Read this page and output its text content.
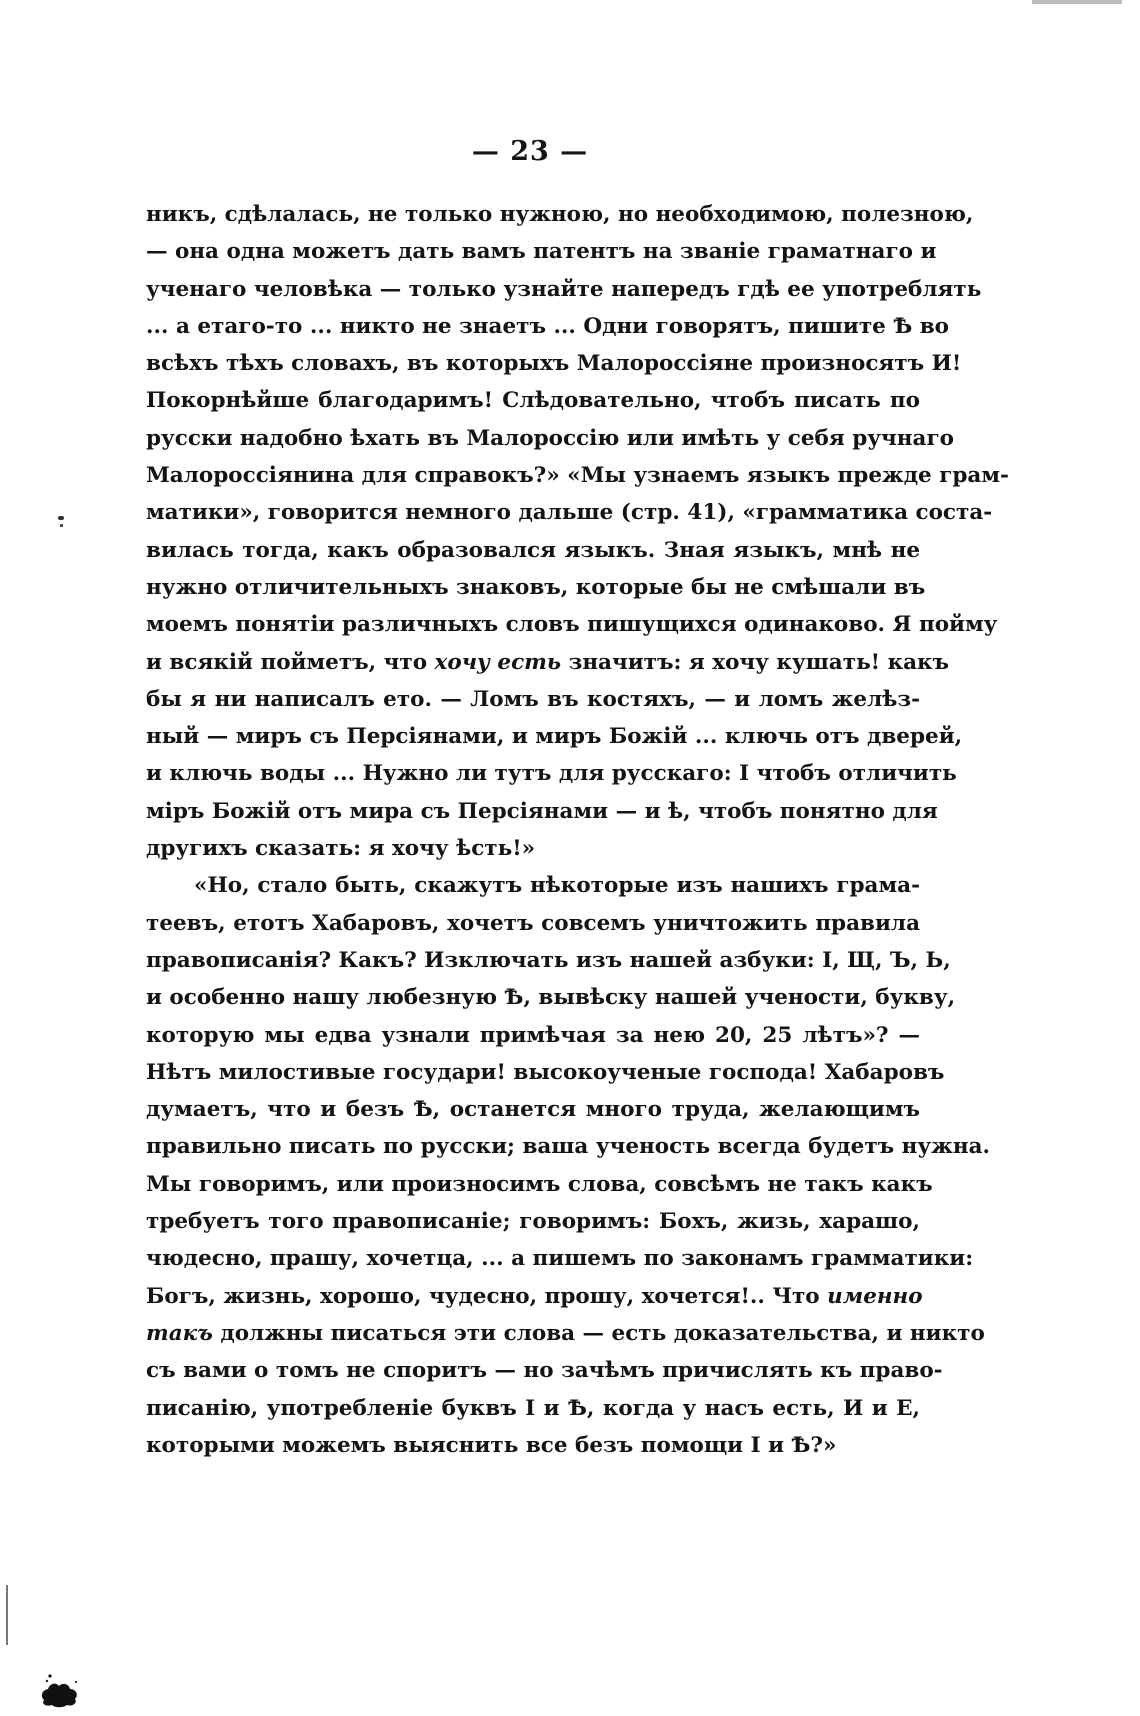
— 23 —
никъ, сдѣлалась, не только нужною, но необходимою, полезною,
— она одна можетъ дать вамъ патентъ на званіе граматнаго и
ученаго человѣка — только узнайте напередъ гдѣ ее употреблять
... а етаго-то ... никто не знаетъ ... Одни говорятъ, пишите Ѣ во
всѣхъ тѣхъ словахъ, въ которыхъ Малороссіяне произносятъ И!
Покорнѣйше благодаримъ! Слѣдовательно, чтобъ писать по
русски надобно ѣхать въ Малороссію или имѣть у себя ручнаго
Малороссіянина для справокъ?» «Мы узнаемъ языкъ прежде грам-
матики», говорится немного дальше (стр. 41), «грамматика соста-
вилась тогда, какъ образовался языкъ. Зная языкъ, мнѣ не
нужно отличительныхъ знаковъ, которые бы не смѣшали въ
моемъ понятіи различныхъ словъ пишущихся одинаково. Я пойму
и всякій пойметъ, что хочу есть значитъ: я хочу кушать! какъ
бы я ни написалъ ето. — Ломъ въ костяхъ, — и ломъ желѣз-
ный — миръ съ Персіянами, и миръ Божій ... ключь отъ дверей,
и ключь воды ... Нужно ли тутъ для русскаго: І чтобъ отличить
міръ Божій отъ мира съ Персіянами — и ѣ, чтобъ понятно для
другихъ сказать: я хочу ѣсть!»
«Но, стало быть, скажутъ нѣкоторые изъ нашихъ грама-
теевъ, етотъ Хабаровъ, хочетъ совсемъ уничтожить правила
правописанія? Какъ? Изключать изъ нашей азбуки: І, Щ, Ъ, Ь,
и особенно нашу любезную Ѣ, вывѣску нашей учености, букву,
которую мы едва узнали примѣчая за нею 20, 25 лѣтъ»? —
Нѣтъ милостивые государи! высокоученые господа! Хабаровъ
думаетъ, что и безъ Ѣ, останется много труда, желающимъ
правильно писать по русски; ваша ученость всегда будетъ нужна.
Мы говоримъ, или произносимъ слова, совсѣмъ не такъ какъ
требуетъ того правописаніе; говоримъ: Бохъ, жизь, харашо,
чюдесно, прашу, хочетца, ... а пишемъ по законамъ грамматики:
Богъ, жизнь, хорошо, чудесно, прошу, хочется!.. Что именно
такъ должны писаться эти слова — есть доказательства, и никто
съ вами о томъ не споритъ — но зачѣмъ причислять къ право-
писанію, употребленіе буквъ І и Ѣ, когда у насъ есть, И и Е,
которыми можемъ выяснить все безъ помощи І и Ѣ?»
